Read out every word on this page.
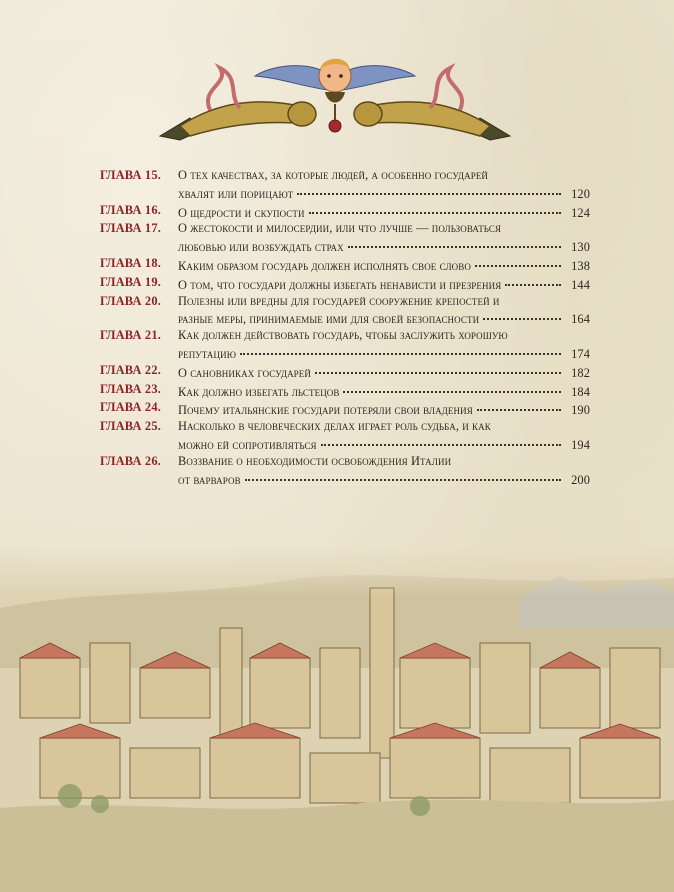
ГЛАВА 15.	О тех качествах, за которые людей, а особенно государей
хвалят или порицают	120
ГЛАВА 16.	О щедрости и скупости	124
ГЛАВА 17.	О жестокости и милосердии, или что лучше — пользоваться
любовью или возбуждать страх	130
ГЛАВА 18.	Каким образом государь должен исполнять свое слово	138
ГЛАВА 19.	О том, что государи должны избегать ненависти и презрения	144
ГЛАВА 20.	Полезны или вредны для государей сооружение крепостей и
разные меры, принимаемые ими для своей безопасности	164
ГЛАВА 21.	Как должен действовать государь, чтобы заслужить хорошую
репутацию	174
ГЛАВА 22.	О сановниках государей	182
ГЛАВА 23.	Как должно избегать льстецов	184
ГЛАВА 24.	Почему итальянские государи потеряли свои владения	190
ГЛАВА 25.	Насколько в человеческих делах играет роль судьба, и как
можно ей сопротивляться	194
ГЛАВА 26.	Воззвание о необходимости освобождения Италии
от варваров	200
